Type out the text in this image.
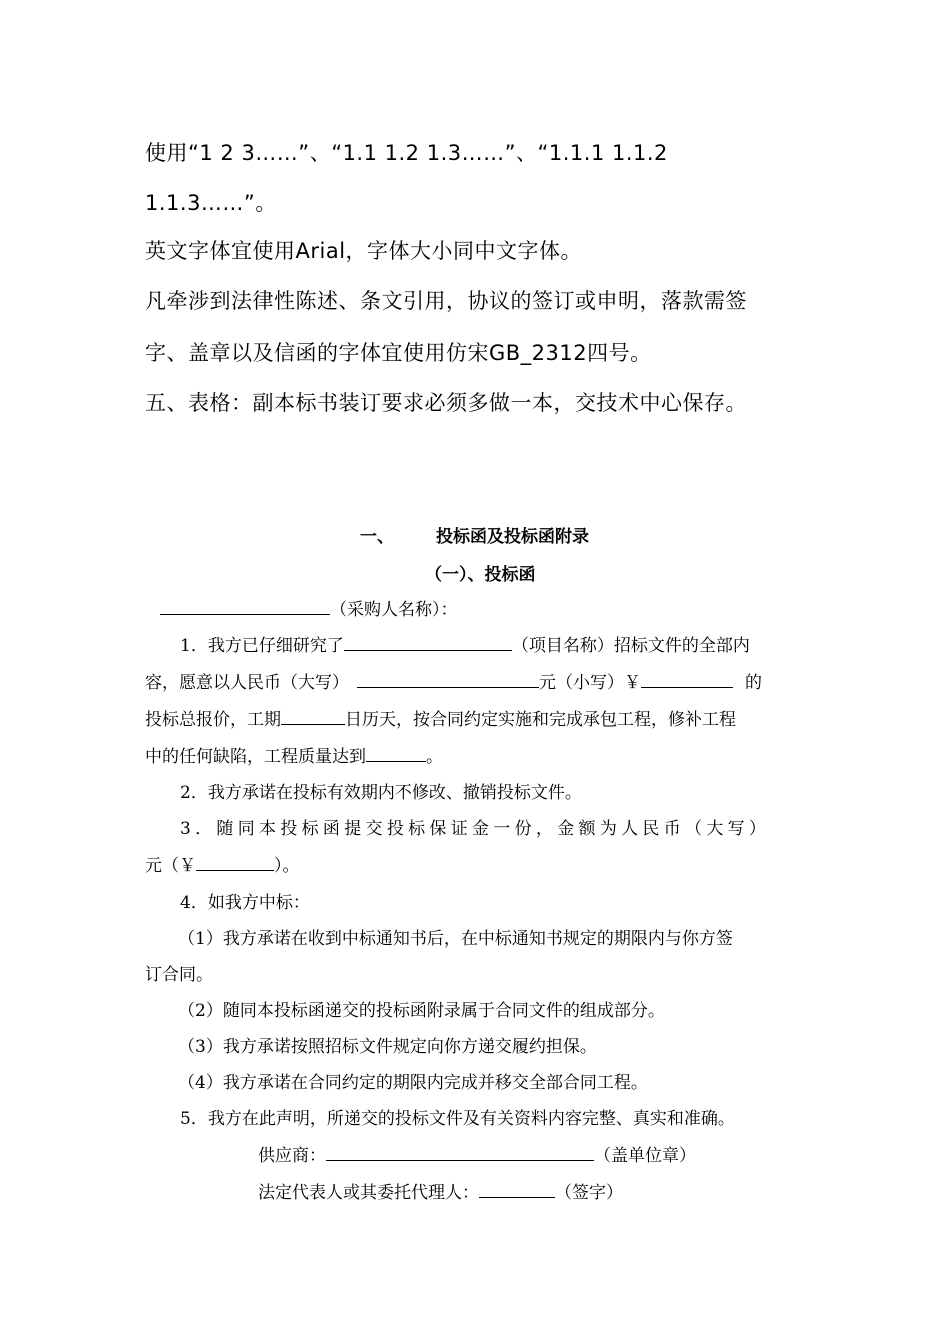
使用“1 2 3……”、“1.1 1.2 1.3……”、“1.1.1 1.1.2
1.1.3……”。
英文字体宜使用Arial，字体大小同中文字体。
凡牵涉到法律性陈述、条文引用，协议的签订或申明，落款需签
字、盖章以及信函的字体宜使用仿宋GB_2312四号。
五、表格：副本标书装订要求必须多做一本，交技术中心保存。
一、 投标函及投标函附录
（一）、投标函
（采购人名称）：
1．我方已仔细研究了	（项目名称）招标文件的全部内
容，愿意以人民币（大写）	元（小写）￥	的
投标总报价，工期	日历天，按合同约定实施和完成承包工程，修补工程
中的任何缺陷，工程质量达到	。
2．我方承诺在投标有效期内不修改、撤销投标文件。
3．随同本投标函提交投标保证金一份，金额为人民币（大写）
元（￥	）。
4．如我方中标：
（1）我方承诺在收到中标通知书后，在中标通知书规定的期限内与你方签
订合同。
（2）随同本投标函递交的投标函附录属于合同文件的组成部分。
（3）我方承诺按照招标文件规定向你方递交履约担保。
（4）我方承诺在合同约定的期限内完成并移交全部合同工程。
5．我方在此声明，所递交的投标文件及有关资料内容完整、真实和准确。
供应商：	（盖单位章）
法定代表人或其委托代理人：	（签字）
